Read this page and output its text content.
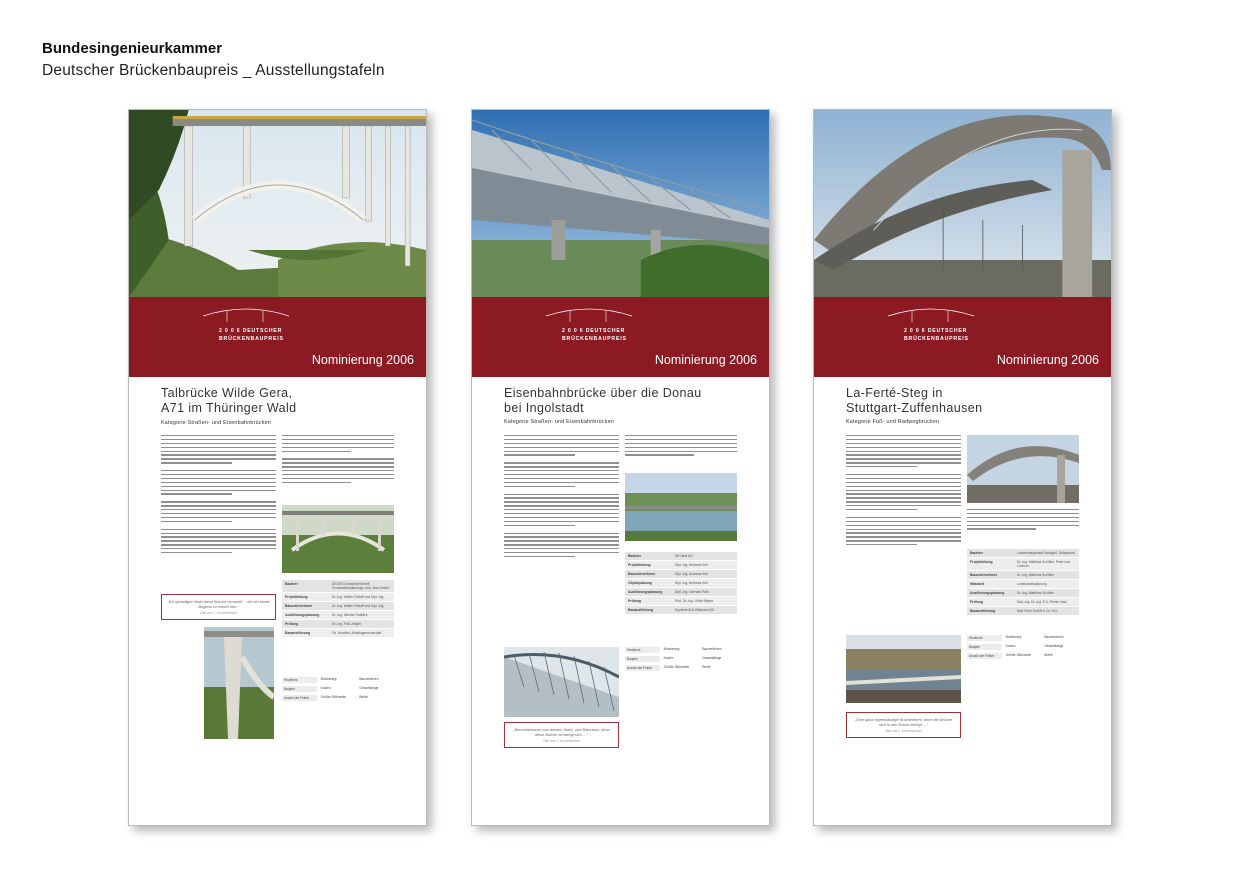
Bundesingenieurkammer
Deutscher Brückenbaupreis _ Ausstellungstafeln
2 0 0 6 DEUTSCHER
BRÜCKENBAUPREIS
Nominierung 2006
Talbrücke Wilde Gera,
A71 im Thüringer Wald
Kategorie Straßen- und Eisenbahnbrücken
Bauherr	DEGES Deutsche Einheit Fernstraßenplanungs- und -bau GmbH
Projektleitung	Dr.-Ing. Walter Fitzlaff und Dipl.-Ing.
Bauunternehmer	Dr.-Ing. Walter Fitzlaff und Dipl.-Ing.
Ausführungsplanung	Dr.-Ing. Werner Grablick
Prüfung	Dr.-Ing. Fritz Ziegler
Bauausführung	Fa. Hochtief, Arbeitsgemeinschaft
„Ein geradliger Wald diese Brücke vernunft! …ich bin bereit Bogens zu neben ihm.“
Zitat aus 1, Jurorenbericht
Hindernis	Brückentyp	Bauverfahren
Baujahr	Kosten	Gesamtlänge
Anzahl der Felder	Größte Stützweite	Breite
2 0 0 6 DEUTSCHER
BRÜCKENBAUPREIS
Nominierung 2006
Eisenbahnbrücke über die Donau
bei Ingolstadt
Kategorie Straßen- und Eisenbahnbrücken
Bauherr	DB Netz AG
Projektleitung	Dipl.-Ing. Andreas Keil
Bauunternehmer	Dipl.-Ing. Andreas Keil
Objektplanung	Dipl.-Ing. Andreas Keil
Ausführungsplanung	Dipl.-Ing. Gerhard Pahl
Prüfung	Prof. Dr.-Ing. Ulrich Meyer
Bauausführung	Dyckerhoff & Widmann AG
Hindernis	Brückentyp	Bauverfahren
Baujahr	Kosten	Gesamtlänge
Anzahl der Felder	Größte Stützweite	Breite
„Bemerkenswert aus diesem Stahl- und Betonbau, denn diese Brücke schwingt sich …“
Zitat aus 1, Jurorenbericht
2 0 0 6 DEUTSCHER
BRÜCKENBAUPREIS
Nominierung 2006
La-Ferté-Steg in
Stuttgart-Zuffenhausen
Kategorie Fuß- und Radwegbrücken
Bauherr	Landeshauptstadt Stuttgart, Tiefbauamt
Projektleitung	Dr.-Ing. Matthias Schüller, Peter und Lochner
Bauunternehmer	Dr.-Ing. Matthias Schüller
Mitarbeit	Landschaftsplanung
Ausführungsplanung	Dr.-Ing. Matthias Schüller
Prüfung	Dipl.-Ing. Dr.-Ing. E.h. Reiner Saul
Bauausführung	Max Frieh GmbH & Co. KG
Hindernis	Brückentyp	Bauverfahren
Baujahr	Kosten	Gesamtlänge
Anzahl der Felder	Größte Stützweite	Breite
„Eine ganz eigenständige Brückenform, denn die Brücke sich in den Raum einfügt …“
Zitat aus 1, Jurorenbericht
